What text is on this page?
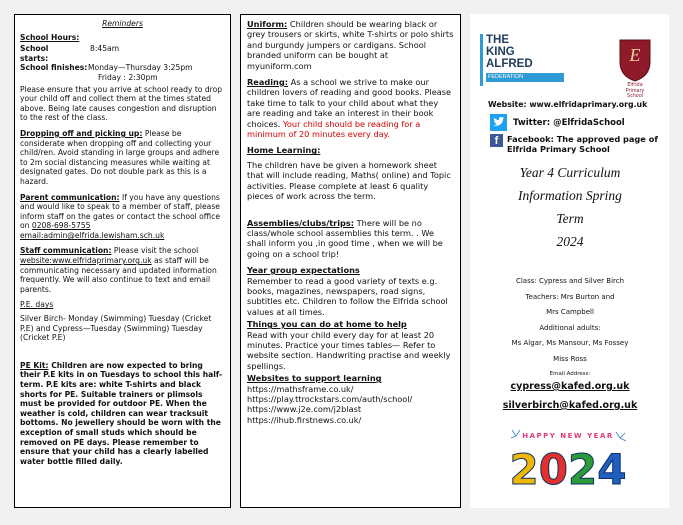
Reminders

School Hours:

School starts:
8:45am
School finishes: Monday—Thursday 3:25pm

Friday : 2:30pm

Please ensure that you arrive at school ready to drop your child off and collect them at the times stated above. Being late causes congestion and disruption to the rest of the class.

Dropping off and picking up: Please be considerate when dropping off and collecting your child/ren. Avoid standing in large groups and adhere to 2m social distancing measures while waiting at designated gates. Do not double park as this is a hazard.

Parent communication: If you have any questions and would like to speak to a member of staff, please inform staff on the gates or contact the school office on 0208-698-5755

email:admin@elfrida.lewisham.sch.uk

Staff communication: Please visit the school website:www.elfridaprimary.org.uk as staff will be communicating necessary and updated information frequently. We will also continue to text and email parents.

P.E. days

Silver Birch- Monday (Swimming) Tuesday (Cricket P.E) and Cypress—Tuesday (Swimming) Tuesday (Cricket P.E)

PE Kit: Children are now expected to bring their P.E kits in on Tuesdays to school this half-term. P.E kits are: white T-shirts and black shorts for PE. Suitable trainers or plimsols must be provided for outdoor PE. When the weather is cold, children can wear tracksuit bottoms. No jewellery should be worn with the exception of small studs which should be removed on PE days. Please remember to ensure that your child has a clearly labelled water bottle filled daily.

Uniform: Children should be wearing black or grey trousers or skirts, white T-shirts or polo shirts and burgundy jumpers or cardigans. School branded uniform can be bought at myuniform.com

Reading: As a school we strive to make our children lovers of reading and good books. Please take time to talk to your child about what they are reading and take an interest in their book choices. Your child should be reading for a minimum of 20 minutes every day.

Home Learning:

The children have be given a homework sheet that will include reading, Maths( online) and Topic activities. Please complete at least 6 quality pieces of work across the term.

Assemblies/clubs/trips: There will be no class/whole school assemblies this term. . We shall inform you ,in good time , when we will be going on a school trip!

Year group expectations

Remember to read a good variety of texts e.g. books, magazines, newspapers, road signs, subtitles etc. Children to follow the Elfrida school values at all times.

Things you can do at home to help

Read with your child every day for at least 20 minutes. Practice your times tables— Refer to website section. Handwriting practise and weekly spellings.

Websites to support learning

https://mathsframe.co.uk/

https://play.ttrockstars.com/auth/school/

https://www.j2e.com/j2blast

https://ihub.firstnews.co.uk/

THE
KING
ALFRED
FEDERATION
E
Elfrida
Primary
School

Website: www.elfridaprimary.org.uk

Twitter: @ElfridaSchool
f	Facebook: The approved page of Elfrida Primary School

Year 4 Curriculum

Information Spring

Term

2024

Class: Cypress and Silver Birch

Teachers: Mrs Burton and

Mrs Campbell

Additional adults:

Ms Algar, Ms Mansour, Ms Fossey

Miss Ross

Email Address:

cypress@kafed.org.uk

silverbirch@kafed.org.uk

HAPPY NEW YEAR
2024
